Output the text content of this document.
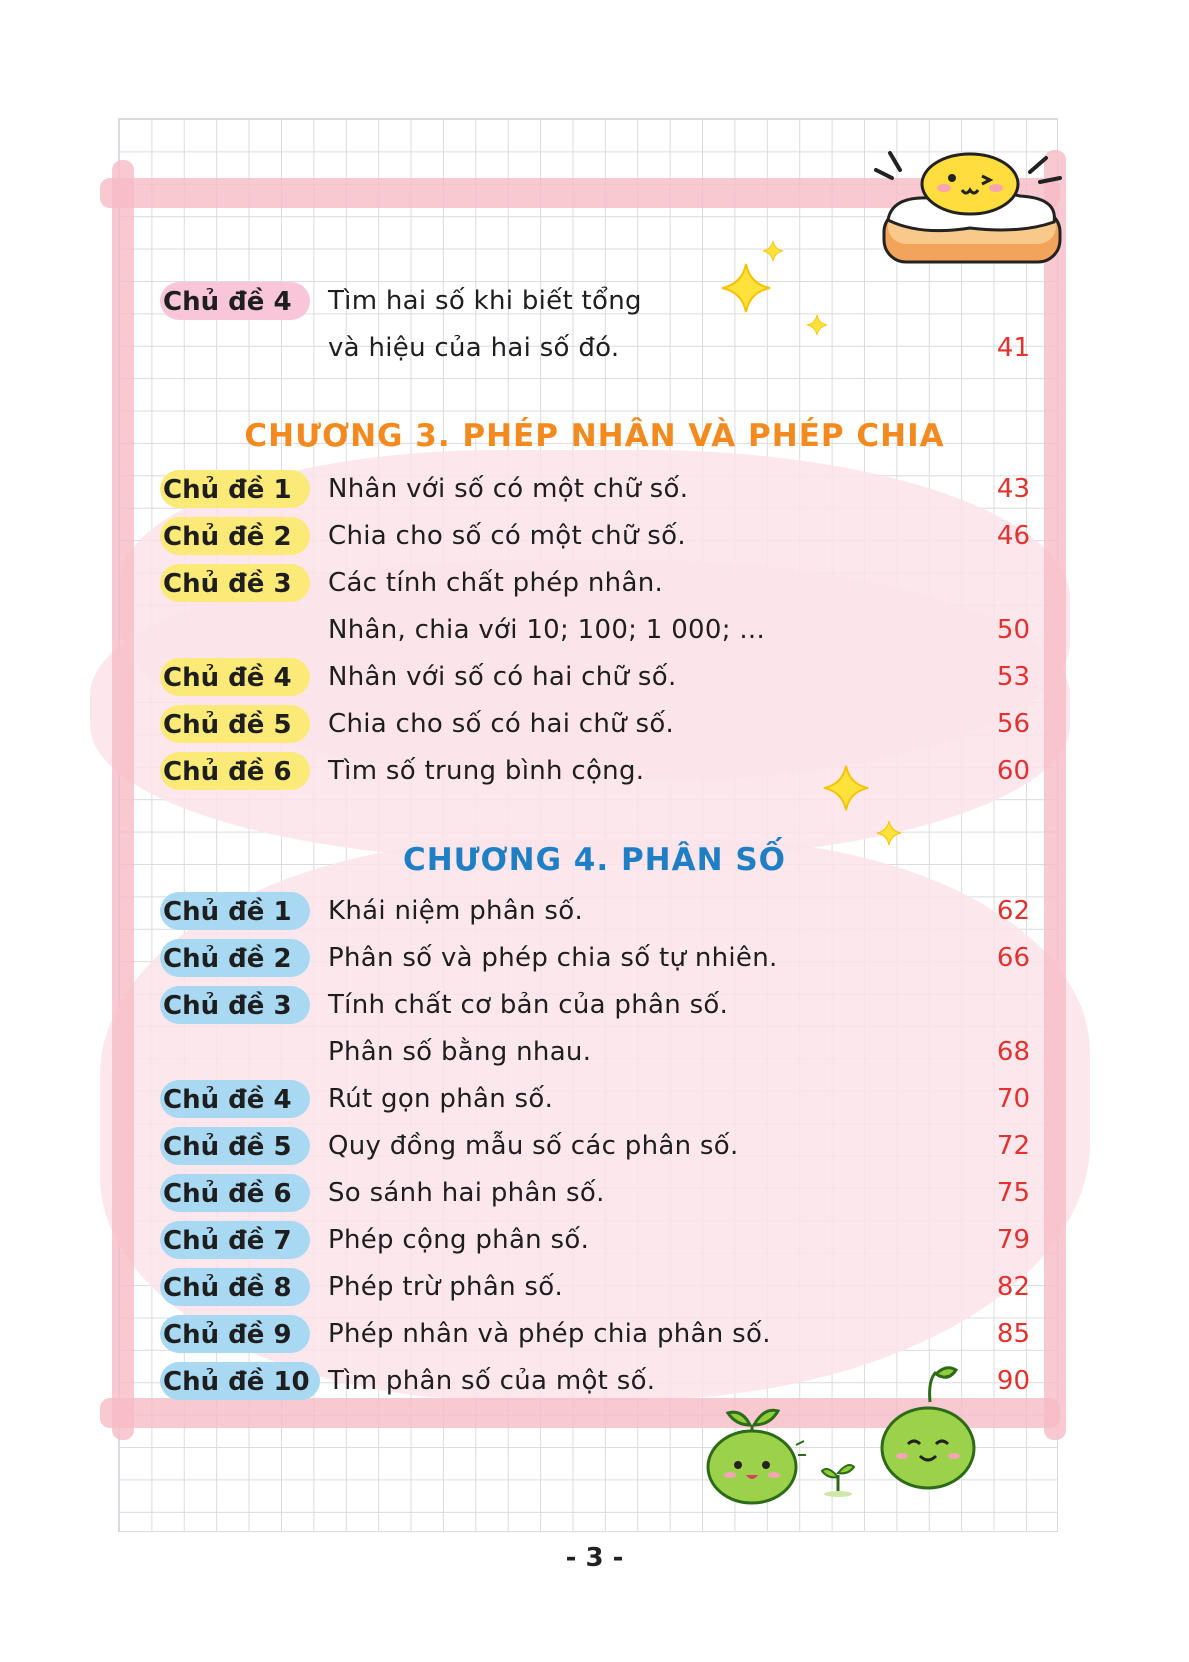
Chủ đề 4 Tìm hai số khi biết tổng
và hiệu của hai số đó.	41
CHƯƠNG 3. PHÉP NHÂN VÀ PHÉP CHIA
Chủ đề 1 Nhân với số có một chữ số.	43
Chủ đề 2 Chia cho số có một chữ số.	46
Chủ đề 3 Các tính chất phép nhân.
Nhân, chia với 10; 100; 1 000; ...	50
Chủ đề 4 Nhân với số có hai chữ số.	53
Chủ đề 5 Chia cho số có hai chữ số.	56
Chủ đề 6 Tìm số trung bình cộng.	60
CHƯƠNG 4. PHÂN SỐ
Chủ đề 1 Khái niệm phân số.	62
Chủ đề 2 Phân số và phép chia số tự nhiên.	66
Chủ đề 3 Tính chất cơ bản của phân số.
Phân số bằng nhau.	68
Chủ đề 4 Rút gọn phân số.	70
Chủ đề 5 Quy đồng mẫu số các phân số.	72
Chủ đề 6 So sánh hai phân số.	75
Chủ đề 7 Phép cộng phân số.	79
Chủ đề 8 Phép trừ phân số.	82
Chủ đề 9 Phép nhân và phép chia phân số.	85
Chủ đề 10 Tìm phân số của một số.	90
- 3 -
